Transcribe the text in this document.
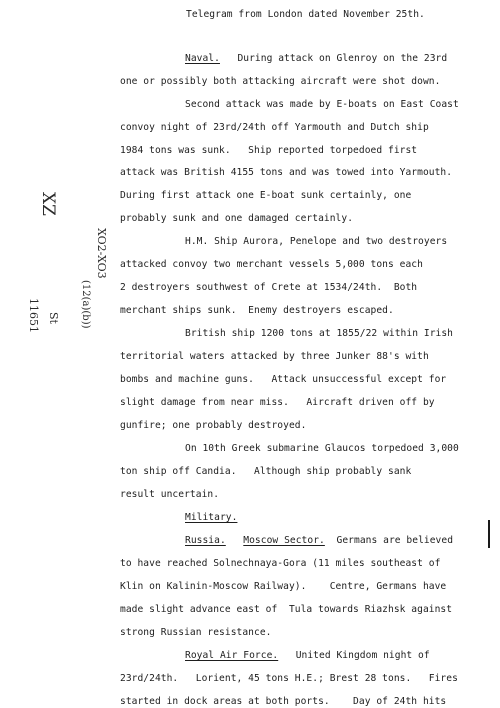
Telegram from London dated November 25th.
Naval. During attack on Glenroy on the 23rd
one or possibly both attacking aircraft were shot down.
Second attack was made by E-boats on East Coast
convoy night of 23rd/24th off Yarmouth and Dutch ship
1984 tons was sunk.   Ship reported torpedoed first
attack was British 4155 tons and was towed into Yarmouth.
During first attack one E-boat sunk certainly, one
probably sunk and one damaged certainly.
H.M. Ship Aurora, Penelope and two destroyers
attacked convoy two merchant vessels 5,000 tons each
2 destroyers southwest of Crete at 1534/24th.  Both
merchant ships sunk.  Enemy destroyers escaped.
British ship 1200 tons at 1855/22 within Irish
territorial waters attacked by three Junker 88's with
bombs and machine guns.   Attack unsuccessful except for
slight damage from near miss.   Aircraft driven off by
gunfire; one probably destroyed.
On 10th Greek submarine Glaucos torpedoed 3,000
ton ship off Candia.   Although ship probably sank
result uncertain.
Military.
Russia. Moscow Sector. Germans are believed
to have reached Solnechnaya-Gora (11 miles southeast of
Klin on Kalinin-Moscow Railway).    Centre, Germans have
made slight advance east of  Tula towards Riazhsk against
strong Russian resistance.
Royal Air Force. United Kingdom night of
23rd/24th.   Lorient, 45 tons H.E.; Brest 28 tons.   Fires
started in dock areas at both ports.    Day of 24th hits
XZ
XO2-XO3
(12(a)(b))
St
11651
